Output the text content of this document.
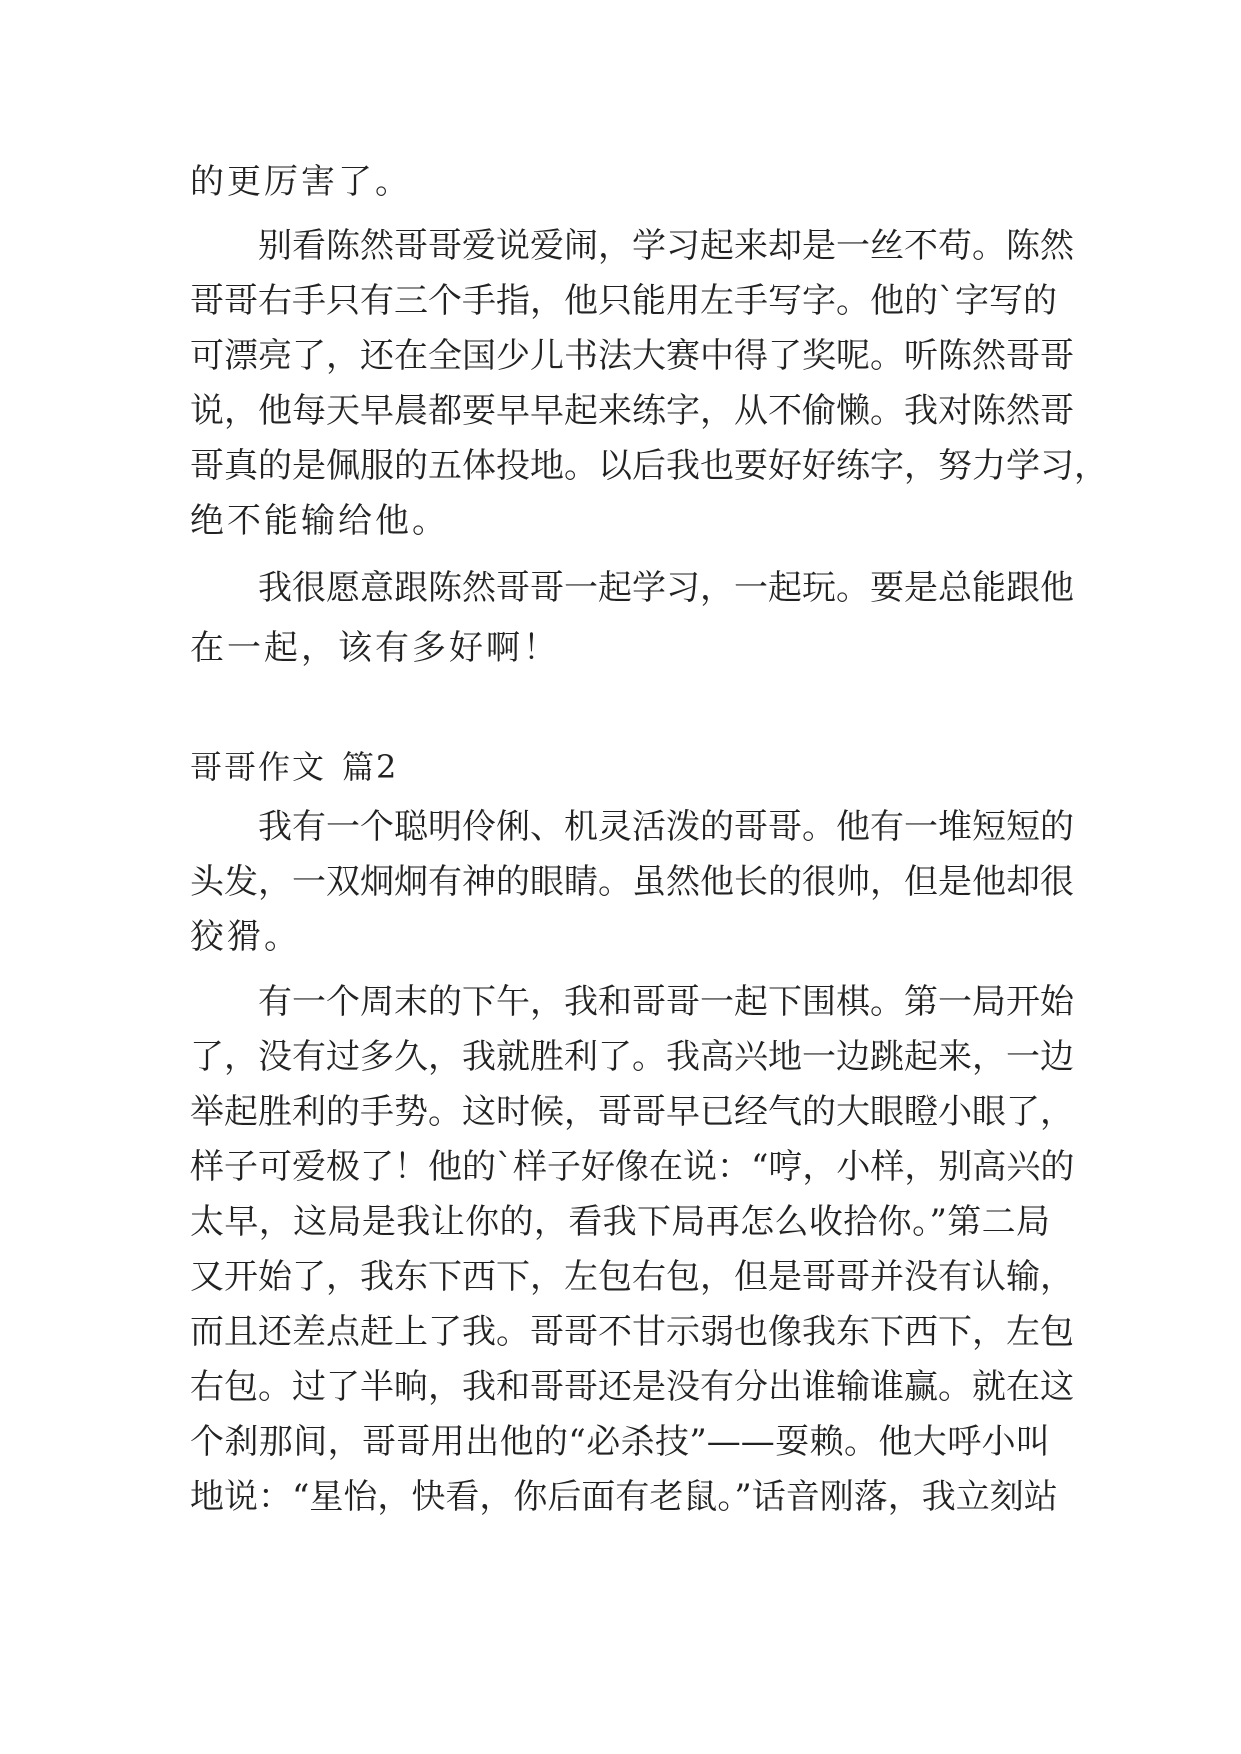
的更厉害了。
别看陈然哥哥爱说爱闹，学习起来却是一丝不苟。陈然
哥哥右手只有三个手指，他只能用左手写字。他的`字写的
可漂亮了，还在全国少儿书法大赛中得了奖呢。听陈然哥哥
说，他每天早晨都要早早起来练字，从不偷懒。我对陈然哥
哥真的是佩服的五体投地。以后我也要好好练字，努力学习，
绝不能输给他。
我很愿意跟陈然哥哥一起学习，一起玩。要是总能跟他
在一起，该有多好啊！
哥哥作文 篇2
我有一个聪明伶俐、机灵活泼的哥哥。他有一堆短短的
头发，一双炯炯有神的眼睛。虽然他长的很帅，但是他却很
狡猾。
有一个周末的下午，我和哥哥一起下围棋。第一局开始
了，没有过多久，我就胜利了。我高兴地一边跳起来，一边
举起胜利的手势。这时候，哥哥早已经气的大眼瞪小眼了，
样子可爱极了！他的`样子好像在说：“哼，小样，别高兴的
太早，这局是我让你的，看我下局再怎么收拾你。”第二局
又开始了，我东下西下，左包右包，但是哥哥并没有认输，
而且还差点赶上了我。哥哥不甘示弱也像我东下西下，左包
右包。过了半晌，我和哥哥还是没有分出谁输谁赢。就在这
个刹那间，哥哥用出他的“必杀技”——耍赖。他大呼小叫
地说：“星怡，快看，你后面有老鼠。”话音刚落，我立刻站
